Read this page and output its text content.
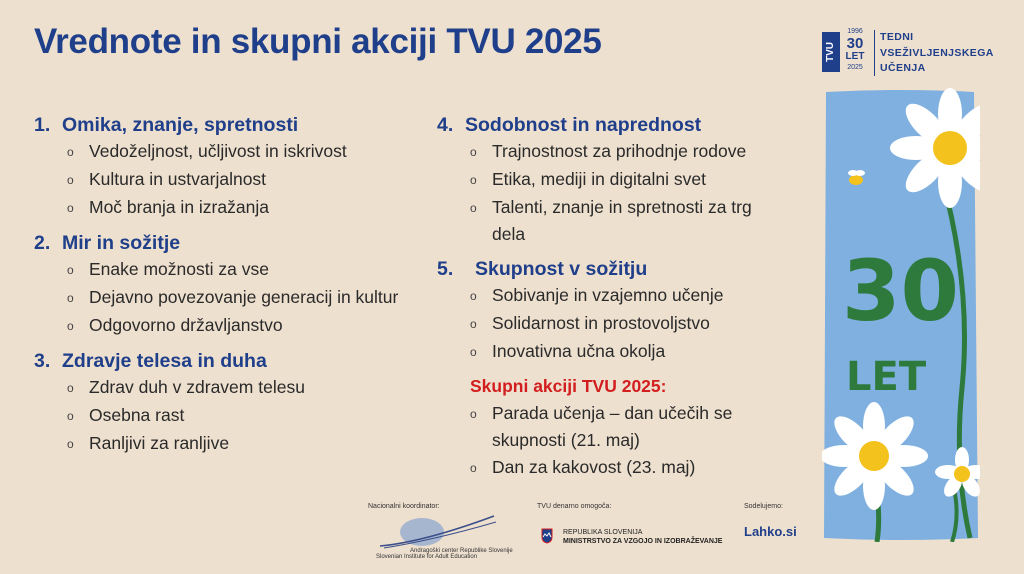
Vrednote in skupni akciji TVU 2025	TVU
1996
30
LET
2025
TEDNI
VSEŽIVLJENJSKEGA
UČENJA
1. Omika, znanje, spretnosti
o Vedoželjnost, učljivost in iskrivost
o Kultura in ustvarjalnost
o Moč branja in izražanja
2. Mir in sožitje
o Enake možnosti za vse
o Dejavno povezovanje generacij in kultur
o Odgovorno državljanstvo
3. Zdravje telesa in duha
o Zdrav duh v zdravem telesu
o Osebna rast
o Ranljivi za ranljive
4. Sodobnost in naprednost
o Trajnostnost za prihodnje rodove
o Etika, mediji in digitalni svet
o Talenti, znanje in spretnosti za trg dela
5.	Skupnost v sožitju
o Sobivanje in vzajemno učenje
o Solidarnost in prostovoljstvo
o Inovativna učna okolja
Skupni akciji TVU 2025:
o Parada učenja – dan učečih se skupnosti (21. maj)
o Dan za kakovost (23. maj)
30
LET
Nacionalni koordinator:
Andragoški center Republike Slovenije
Slovenian Institute for Adult Education
TVU denarno omogoča:
REPUBLIKA SLOVENIJA
MINISTRSTVO ZA VZGOJO IN IZOBRAŽEVANJE
Sodelujemo:
Lahko.si
